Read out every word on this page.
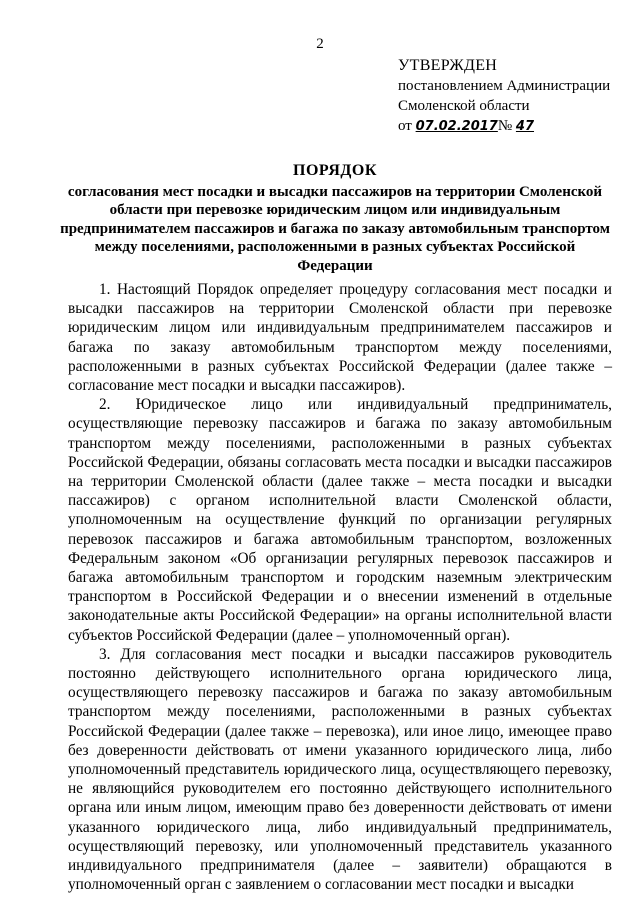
2
УТВЕРЖДЕН
постановлением Администрации
Смоленской области
от 07.02.2017№ 47
ПОРЯДОК
согласования мест посадки и высадки пассажиров на территории Смоленской области при перевозке юридическим лицом или индивидуальным предпринимателем пассажиров и багажа по заказу автомобильным транспортом между поселениями, расположенными в разных субъектах Российской Федерации

1. Настоящий Порядок определяет процедуру согласования мест посадки и высадки пассажиров на территории Смоленской области при перевозке юридическим лицом или индивидуальным предпринимателем пассажиров и багажа по заказу автомобильным транспортом между поселениями, расположенными в разных субъектах Российской Федерации (далее также – согласование мест посадки и высадки пассажиров).

2. Юридическое лицо или индивидуальный предприниматель, осуществляющие перевозку пассажиров и багажа по заказу автомобильным транспортом между поселениями, расположенными в разных субъектах Российской Федерации, обязаны согласовать места посадки и высадки пассажиров на территории Смоленской области (далее также – места посадки и высадки пассажиров) с органом исполнительной власти Смоленской области, уполномоченным на осуществление функций по организации регулярных перевозок пассажиров и багажа автомобильным транспортом, возложенных Федеральным законом «Об организации регулярных перевозок пассажиров и багажа автомобильным транспортом и городским наземным электрическим транспортом в Российской Федерации и о внесении изменений в отдельные законодательные акты Российской Федерации» на органы исполнительной власти субъектов Российской Федерации (далее – уполномоченный орган).

3. Для согласования мест посадки и высадки пассажиров руководитель постоянно действующего исполнительного органа юридического лица, осуществляющего перевозку пассажиров и багажа по заказу автомобильным транспортом между поселениями, расположенными в разных субъектах Российской Федерации (далее также – перевозка), или иное лицо, имеющее право без доверенности действовать от имени указанного юридического лица, либо уполномоченный представитель юридического лица, осуществляющего перевозку, не являющийся руководителем его постоянно действующего исполнительного органа или иным лицом, имеющим право без доверенности действовать от имени указанного юридического лица, либо индивидуальный предприниматель, осуществляющий перевозку, или уполномоченный представитель указанного индивидуального предпринимателя (далее – заявители) обращаются в уполномоченный орган с заявлением о согласовании мест посадки и высадки
